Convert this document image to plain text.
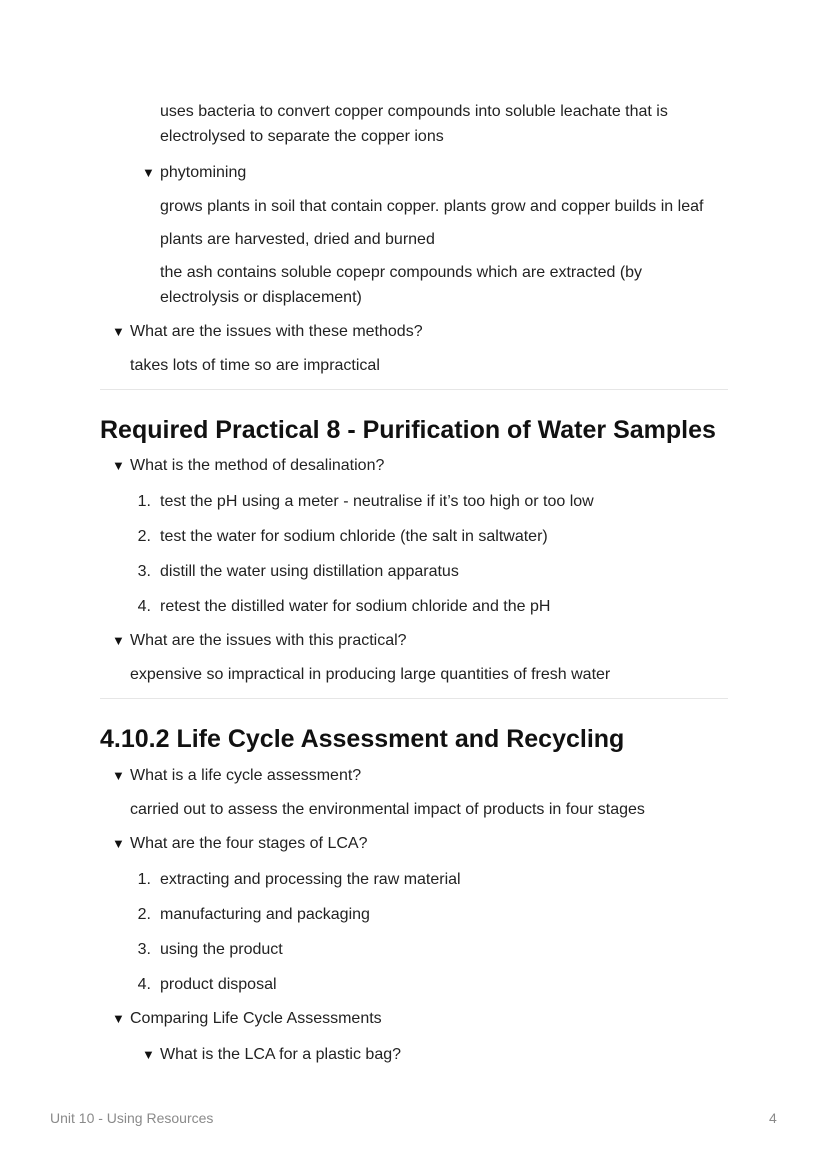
uses bacteria to convert copper compounds into soluble leachate that is
electrolysed to separate the copper ions
▼ phytomining
grows plants in soil that contain copper. plants grow and copper builds in leaf
plants are harvested, dried and burned
the ash contains soluble copepr compounds which are extracted (by
electrolysis or displacement)
▼ What are the issues with these methods?
takes lots of time so are impractical
Required Practical 8 - Purification of Water Samples
▼ What is the method of desalination?
1. test the pH using a meter - neutralise if it’s too high or too low
2. test the water for sodium chloride (the salt in saltwater)
3. distill the water using distillation apparatus
4. retest the distilled water for sodium chloride and the pH
▼ What are the issues with this practical?
expensive so impractical in producing large quantities of fresh water
4.10.2 Life Cycle Assessment and Recycling
▼ What is a life cycle assessment?
carried out to assess the environmental impact of products in four stages
▼ What are the four stages of LCA?
1. extracting and processing the raw material
2. manufacturing and packaging
3. using the product
4. product disposal
▼ Comparing Life Cycle Assessments
▼ What is the LCA for a plastic bag?
Unit 10 - Using Resources	4
